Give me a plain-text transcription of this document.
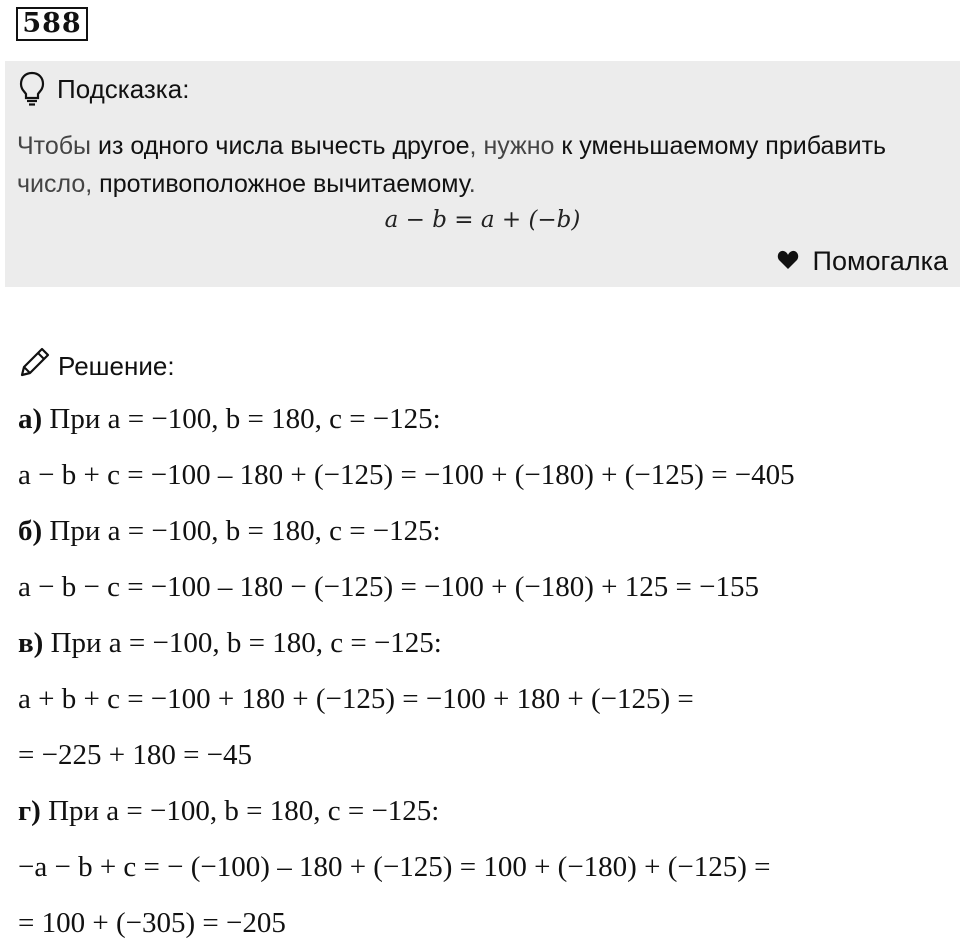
588
Подсказка:
Чтобы из одного числа вычесть другое, нужно к уменьшаемому прибавить число, противоположное вычитаемому.
a − b = a + (−b)
Помогалка
Решение:
а) При a = −100, b = 180, c = −125:
a − b + c = −100 – 180 + (−125) = −100 + (−180) + (−125) = −405
б) При a = −100, b = 180, c = −125:
a − b − c = −100 – 180 − (−125) = −100 + (−180) + 125 = −155
в) При a = −100, b = 180, c = −125:
a + b + c = −100 + 180 + (−125) = −100 + 180 + (−125) =
= −225 + 180 = −45
г) При a = −100, b = 180, c = −125:
−a − b + c = − (−100) – 180 + (−125) = 100 + (−180) + (−125) =
= 100 + (−305) = −205
